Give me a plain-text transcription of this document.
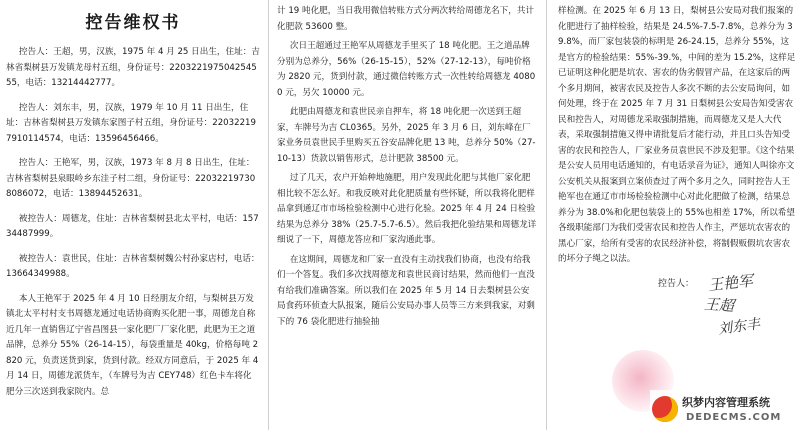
控告维权书

控告人：王超，男，汉族，1975 年 4 月 25 日出生，住址：吉林省梨树县万发镇龙母村五组，身份证号：220322197504254555，电话：13214442777。

控告人：刘东丰，男，汉族，1979 年 10 月 11 日出生，住址：吉林省梨树县万发镇东家图子村五组，身份证号：220322197910114574，电话：13596456466。

控告人：王艳军，男，汉族，1973 年 8 月 8 日出生，住址：吉林省梨树县泉眼岭乡东洼子村二组，身份证号：220322197308086072，电话：13894452631。

被控告人：周德龙，住址：吉林省梨树县北太平村，电话：15734487999。

被控告人：袁世民，住址：吉林省梨树魏公村孙家店村，电话：13664349988。

本人王艳军于 2025 年 4 月 10 日经朋友介绍，与梨树县万发镇北太平村村支书周德龙通过电话协商购买化肥一事，周德龙自称近几年一直销售辽宁省昌图县一家化肥厂厂家化肥，此肥为王之道品牌，总养分 55%（26-14-15），每袋重量是 40kg，价格每吨 2820 元，负责送货到家，货到付款。经双方同意后，于 2025 年 4 月 14 日，周德龙派货车，（车牌号为吉 CEY748）红色卡车将化肥分三次送到我家院内。总

计 19 吨化肥，当日我用微信转账方式分两次转给周德龙名下，共计化肥款 53600 整。

次日王超通过王艳军从周德龙手里买了 18 吨化肥。王之道品牌分别为总养分，56%（26-15-15），52%（27-12-13），每吨价格为 2820 元，货到付款，通过微信转账方式一次性转给周德龙 40800 元，另欠 10000 元。

此肥由周德龙和袁世民亲自押车，将 18 吨化肥一次送到王超家，车牌号为吉 CL0365。另外，2025 年 3 月 6 日，刘东峰在厂家业务员袁世民手里购买五谷安品牌化肥 13 吨，总养分 50%（27-10-13）货款以销售形式，总计肥款 38500 元。

过了几天，农户开始种地施肥，用户发现此化肥与其他厂家化肥相比较不怎么好。和我反映对此化肥质量有些怀疑，所以我将化肥样品拿到通辽市市场检验检测中心进行化验。2025 年 4 月 24 日检验结果为总养分 38%（25.7-5.7-6.5）。然后我把化验结果和周德龙详细说了一下，周德龙答应和厂家沟通此事。

在这期间，周德龙和厂家一直没有主动找我们协商，也没有给我们一个答复。我们多次找周德龙和袁世民商讨结果，然而他们一直没有给我们准确答案。所以我们在 2025 年 5 月 14 日去梨树县公安局食药环侦查大队报案，随后公安局办事人员等三方来到我家，对剩下的 76 袋化肥进行抽验抽

样检测。在 2025 年 6 月 13 日，梨树县公安局对我们报案的化肥进行了抽样检验，结果是 24.5%-7.5-7.8%，总养分为 39.8%，而厂家包装袋的标明是 26-24.15，总养分 55%，这是官方的检验结果：55%-39.%，中间的差为 15.2%，这样足已证明这种化肥是坑农、害农的伪劣假冒产品，在这家后的两个多月期间，被害农民及控告人多次不断的去公安局询问，如何处理，终于在 2025 年 7 月 31 日梨树县公安局告知受害农民和控告人，对周德龙采取强制措施，而周德龙又是人大代表，采取强制措施又得申请批复后才能行动，并且口头告知受害的农民和控告人，厂家业务员袁世民不涉及犯罪。《这个结果是公安人员用电话通知的，有电话录音为证》，通知人叫徐亦文公安机关从报案到立案侦查过了两个多月之久，同时控告人王艳军也在通辽市市场检验检测中心对此化肥做了检测，结果总养分为 38.0%和化肥包装袋上的 55%也相差 17%，所以希望各级职能部门为我们受害农民和控告人作主，严惩坑农害农的黑心厂家，给所有受害的农民经济补偿，将制假贩假坑农害农的坏分子绳之以法。

控告人： 王艳军
王超
刘东丰
织梦内容管理系统
DEDECMS.COM
